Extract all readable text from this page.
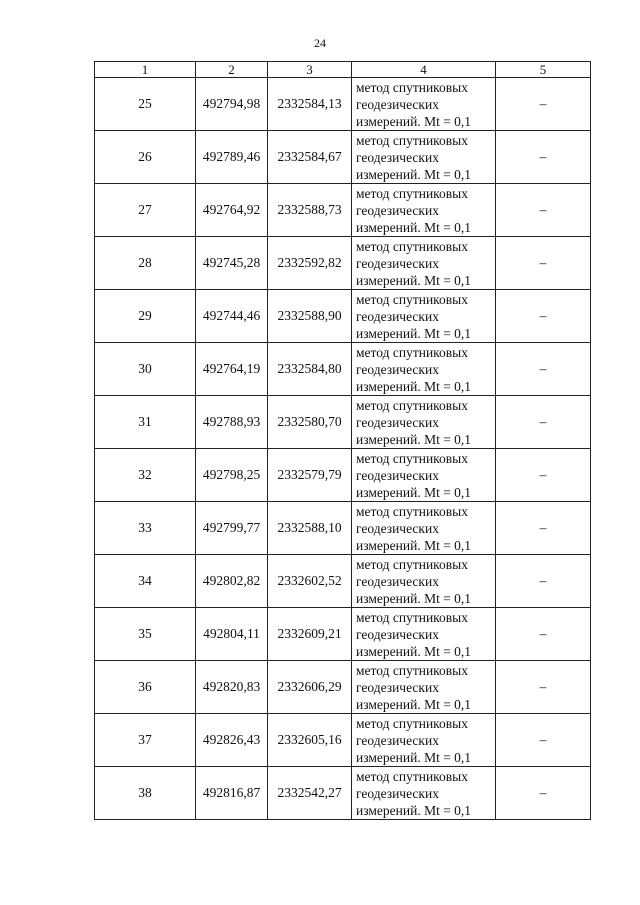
24
1	2	3	4	5
25	492794,98	2332584,13	метод спутниковых
геодезических
измерений. Mt = 0,1	–
26	492789,46	2332584,67	метод спутниковых
геодезических
измерений. Mt = 0,1	–
27	492764,92	2332588,73	метод спутниковых
геодезических
измерений. Mt = 0,1	–
28	492745,28	2332592,82	метод спутниковых
геодезических
измерений. Mt = 0,1	–
29	492744,46	2332588,90	метод спутниковых
геодезических
измерений. Mt = 0,1	–
30	492764,19	2332584,80	метод спутниковых
геодезических
измерений. Mt = 0,1	–
31	492788,93	2332580,70	метод спутниковых
геодезических
измерений. Mt = 0,1	–
32	492798,25	2332579,79	метод спутниковых
геодезических
измерений. Mt = 0,1	–
33	492799,77	2332588,10	метод спутниковых
геодезических
измерений. Mt = 0,1	–
34	492802,82	2332602,52	метод спутниковых
геодезических
измерений. Mt = 0,1	–
35	492804,11	2332609,21	метод спутниковых
геодезических
измерений. Mt = 0,1	–
36	492820,83	2332606,29	метод спутниковых
геодезических
измерений. Mt = 0,1	–
37	492826,43	2332605,16	метод спутниковых
геодезических
измерений. Mt = 0,1	–
38	492816,87	2332542,27	метод спутниковых
геодезических
измерений. Mt = 0,1	–
